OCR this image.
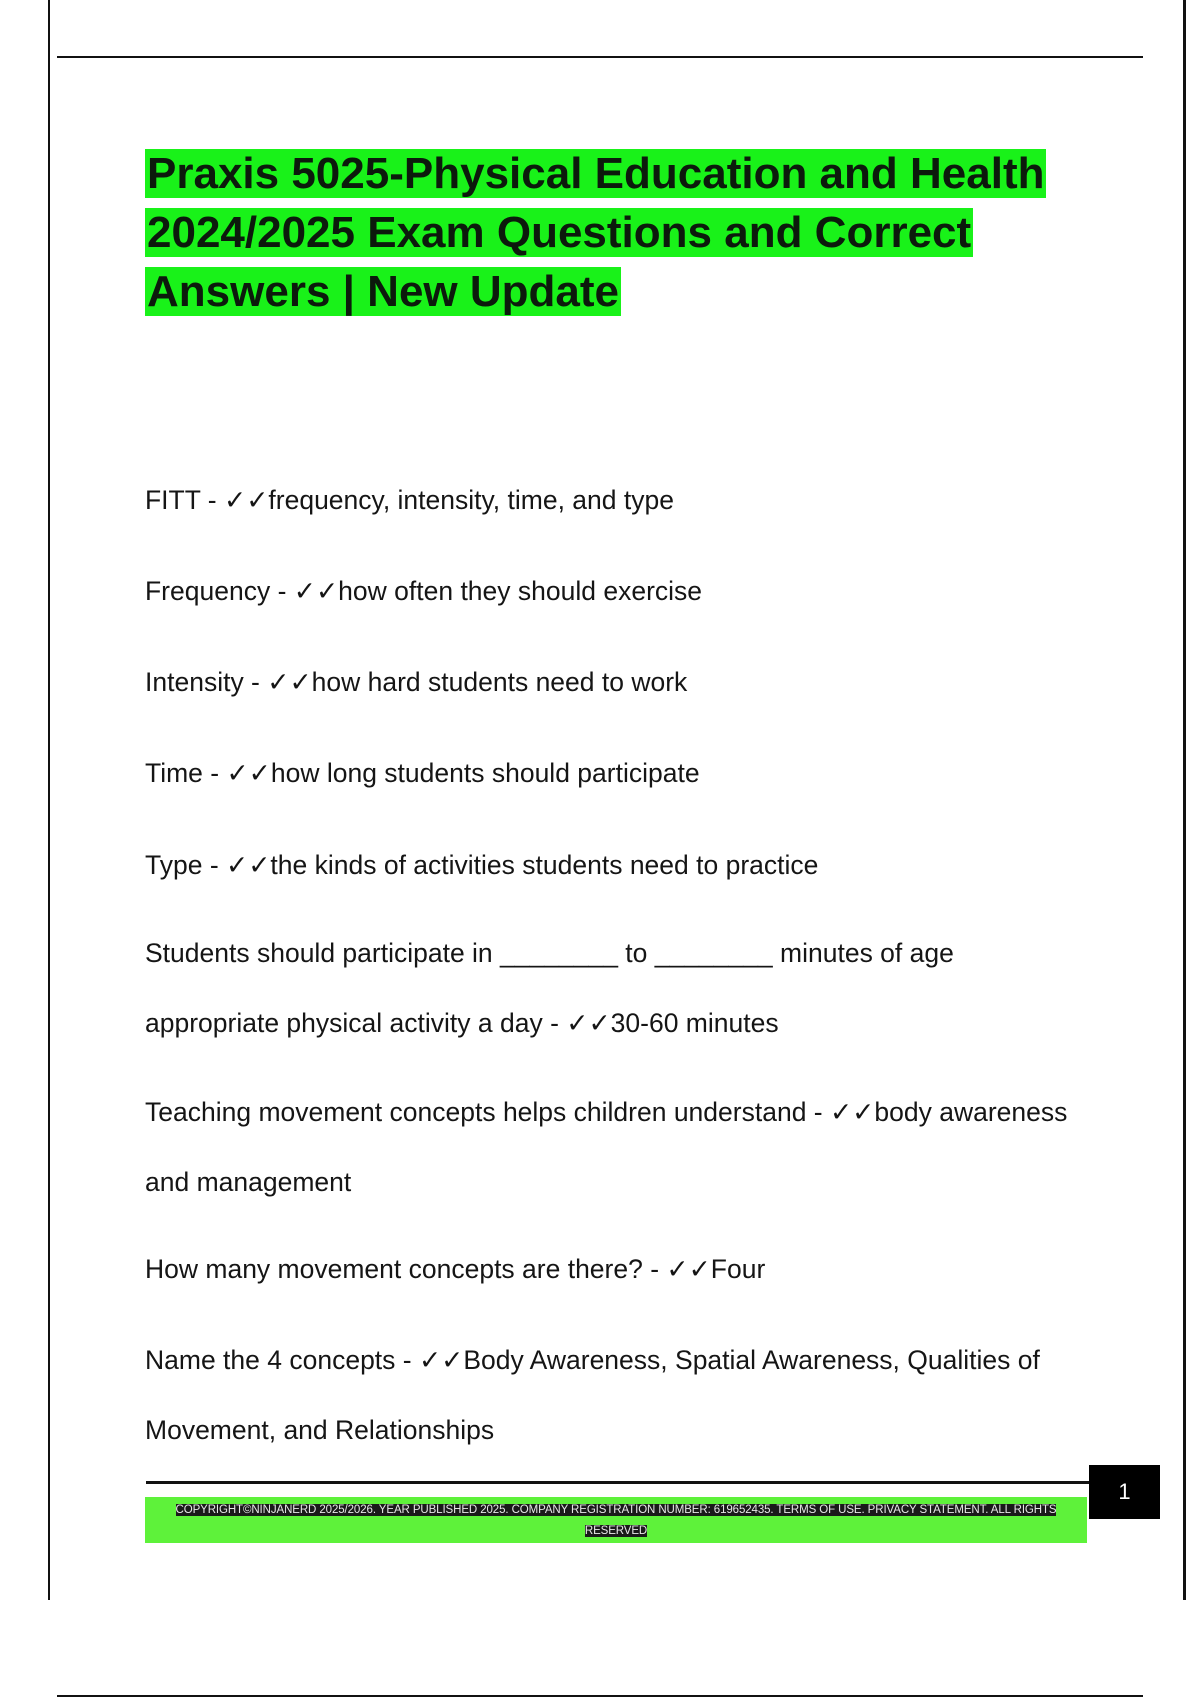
Praxis 5025-Physical Education and Health 2024/2025 Exam Questions and Correct Answers | New Update

FITT - ✓✓frequency, intensity, time, and type

Frequency - ✓✓how often they should exercise

Intensity - ✓✓how hard students need to work

Time - ✓✓how long students should participate

Type - ✓✓the kinds of activities students need to practice

Students should participate in ________ to ________ minutes of age appropriate physical activity a day - ✓✓30-60 minutes

Teaching movement concepts helps children understand - ✓✓body awareness and management

How many movement concepts are there? - ✓✓Four

Name the 4 concepts - ✓✓Body Awareness, Spatial Awareness, Qualities of Movement, and Relationships

COPYRIGHT©NINJANERD 2025/2026. YEAR PUBLISHED 2025. COMPANY REGISTRATION NUMBER: 619652435. TERMS OF USE. PRIVACY STATEMENT. ALL RIGHTS RESERVED

1
